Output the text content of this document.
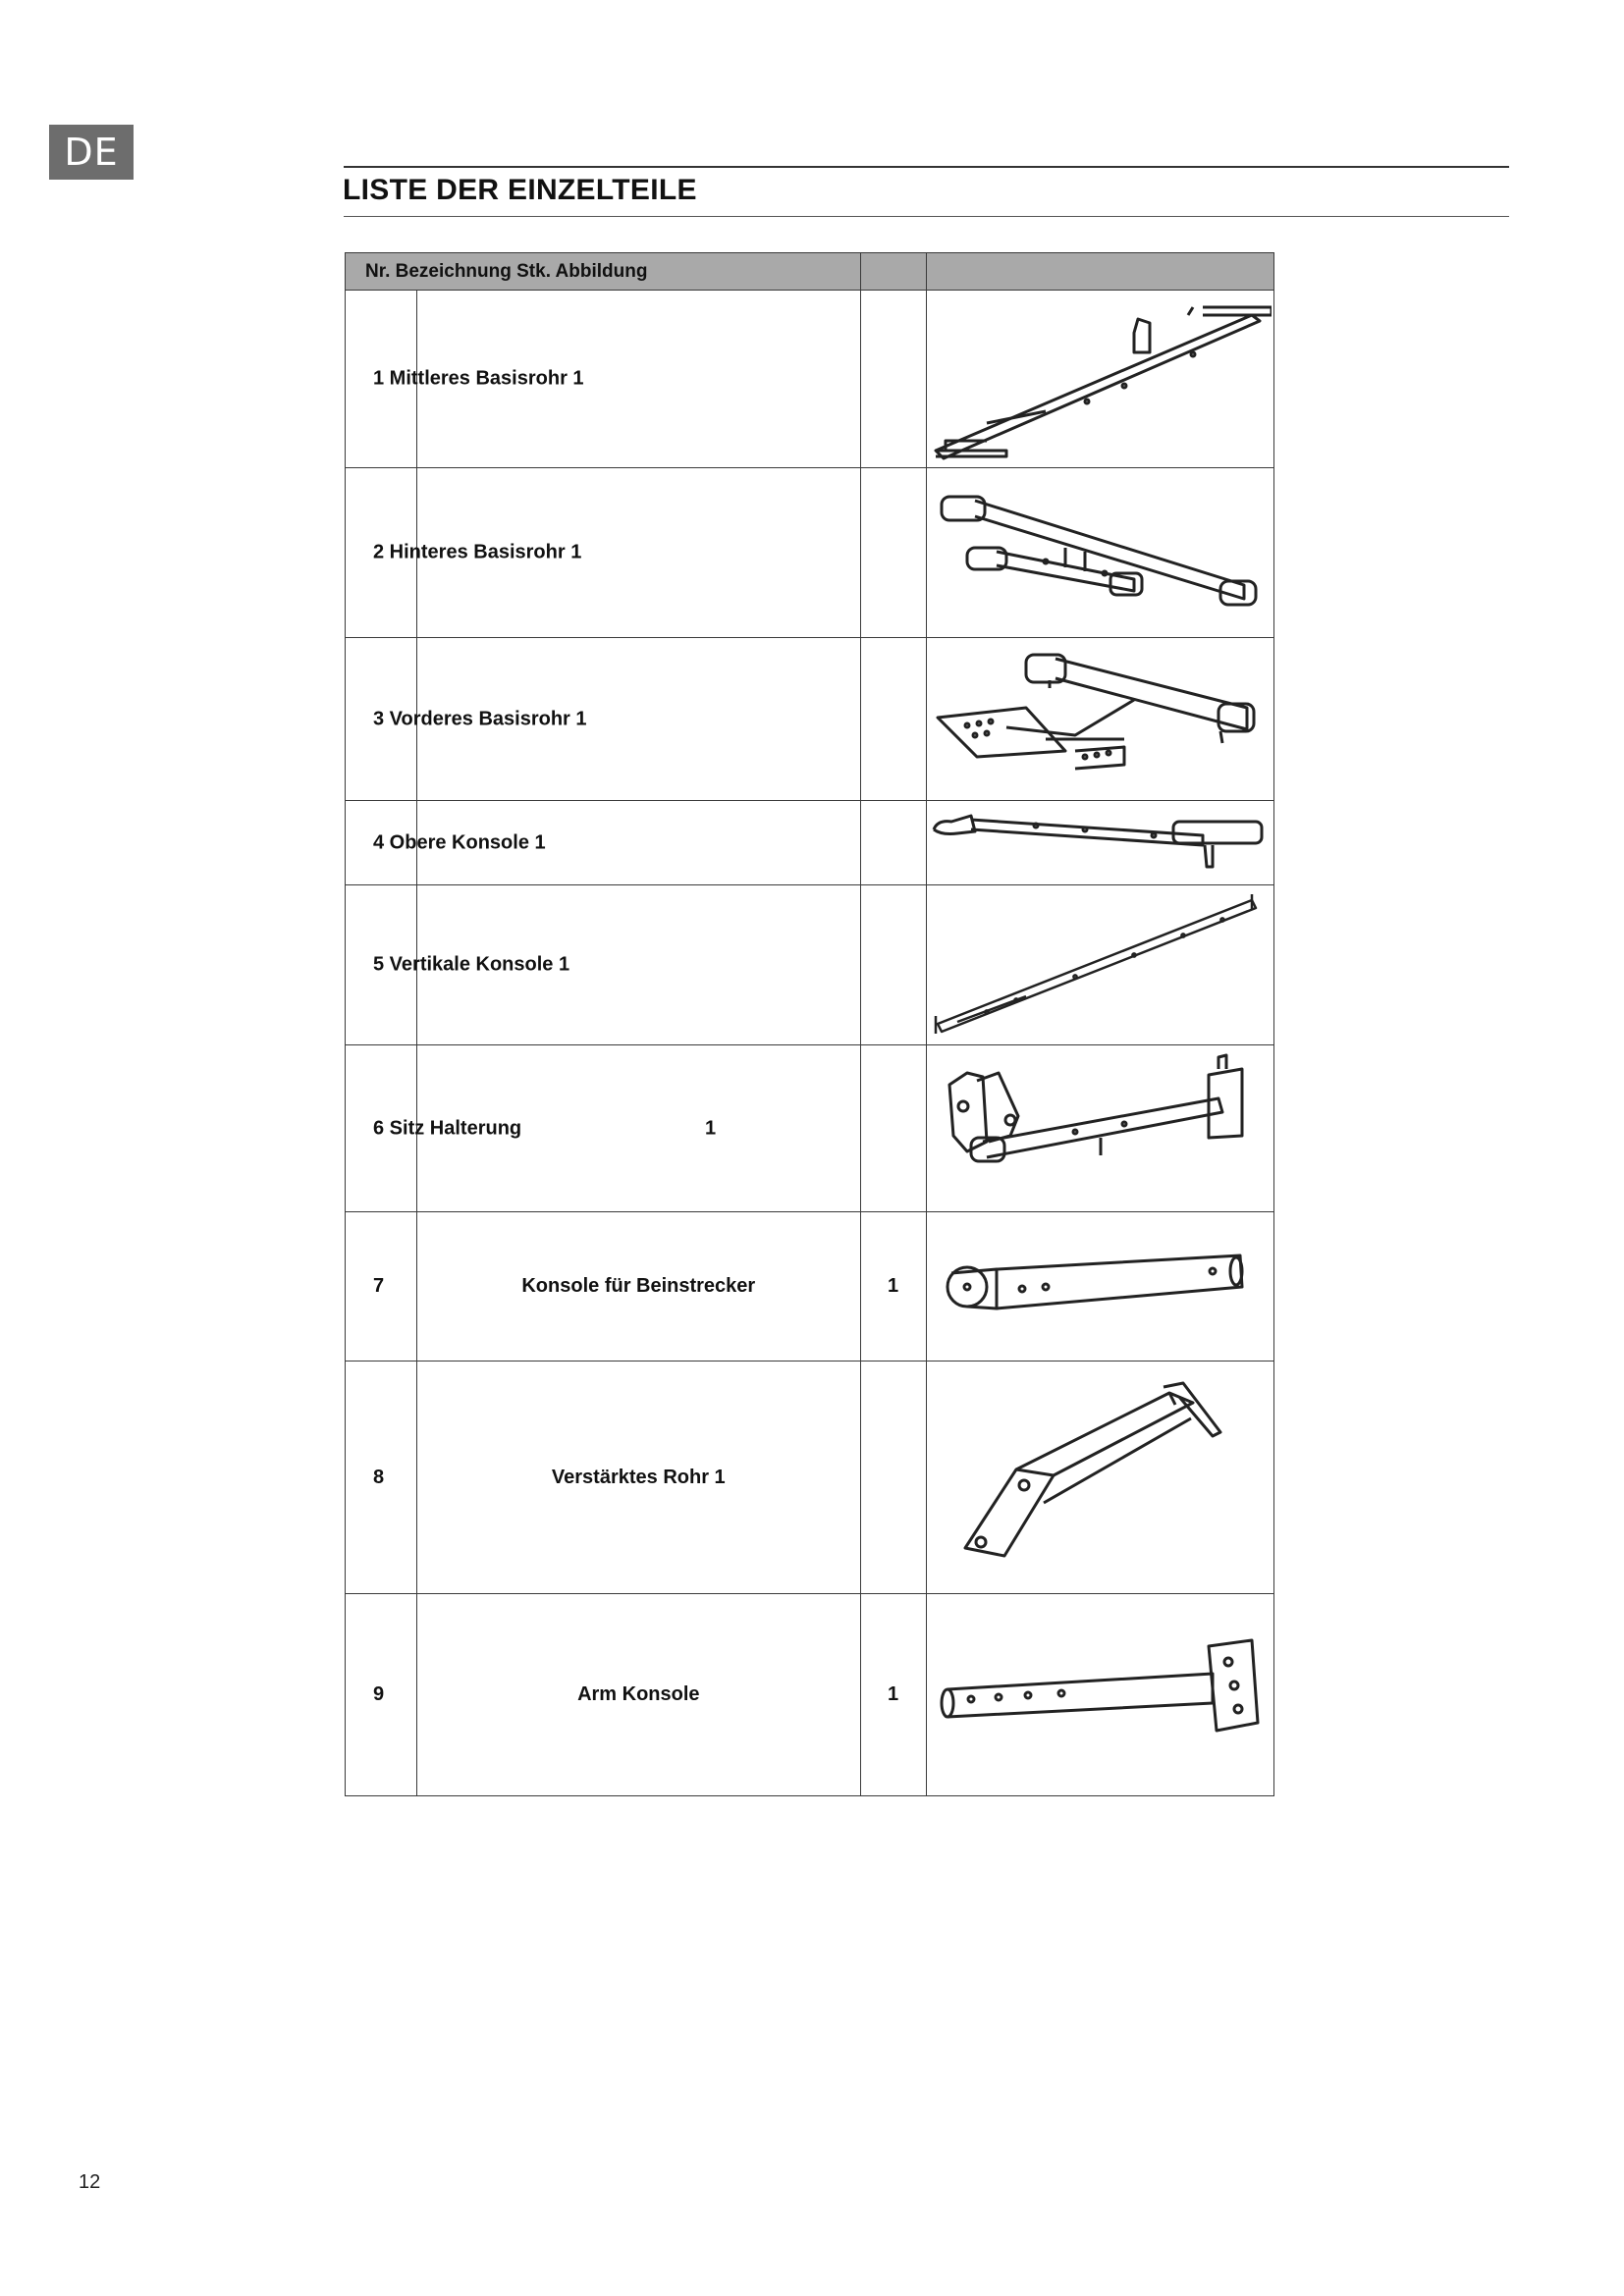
DE
LISTE DER EINZELTEILE
Nr. Bezeichnung Stk. Abbildung			

1 Mittleres Basisrohr 1

2 Hinteres Basisrohr 1

3 Vorderes Basisrohr 1

4 Obere Konsole 1

5 Vertikale Konsole 1

6 Sitz Halterung 1

7	Konsole für Beinstrecker	1	

8	Verstärktes Rohr 1		

9	Arm Konsole	1	
12
